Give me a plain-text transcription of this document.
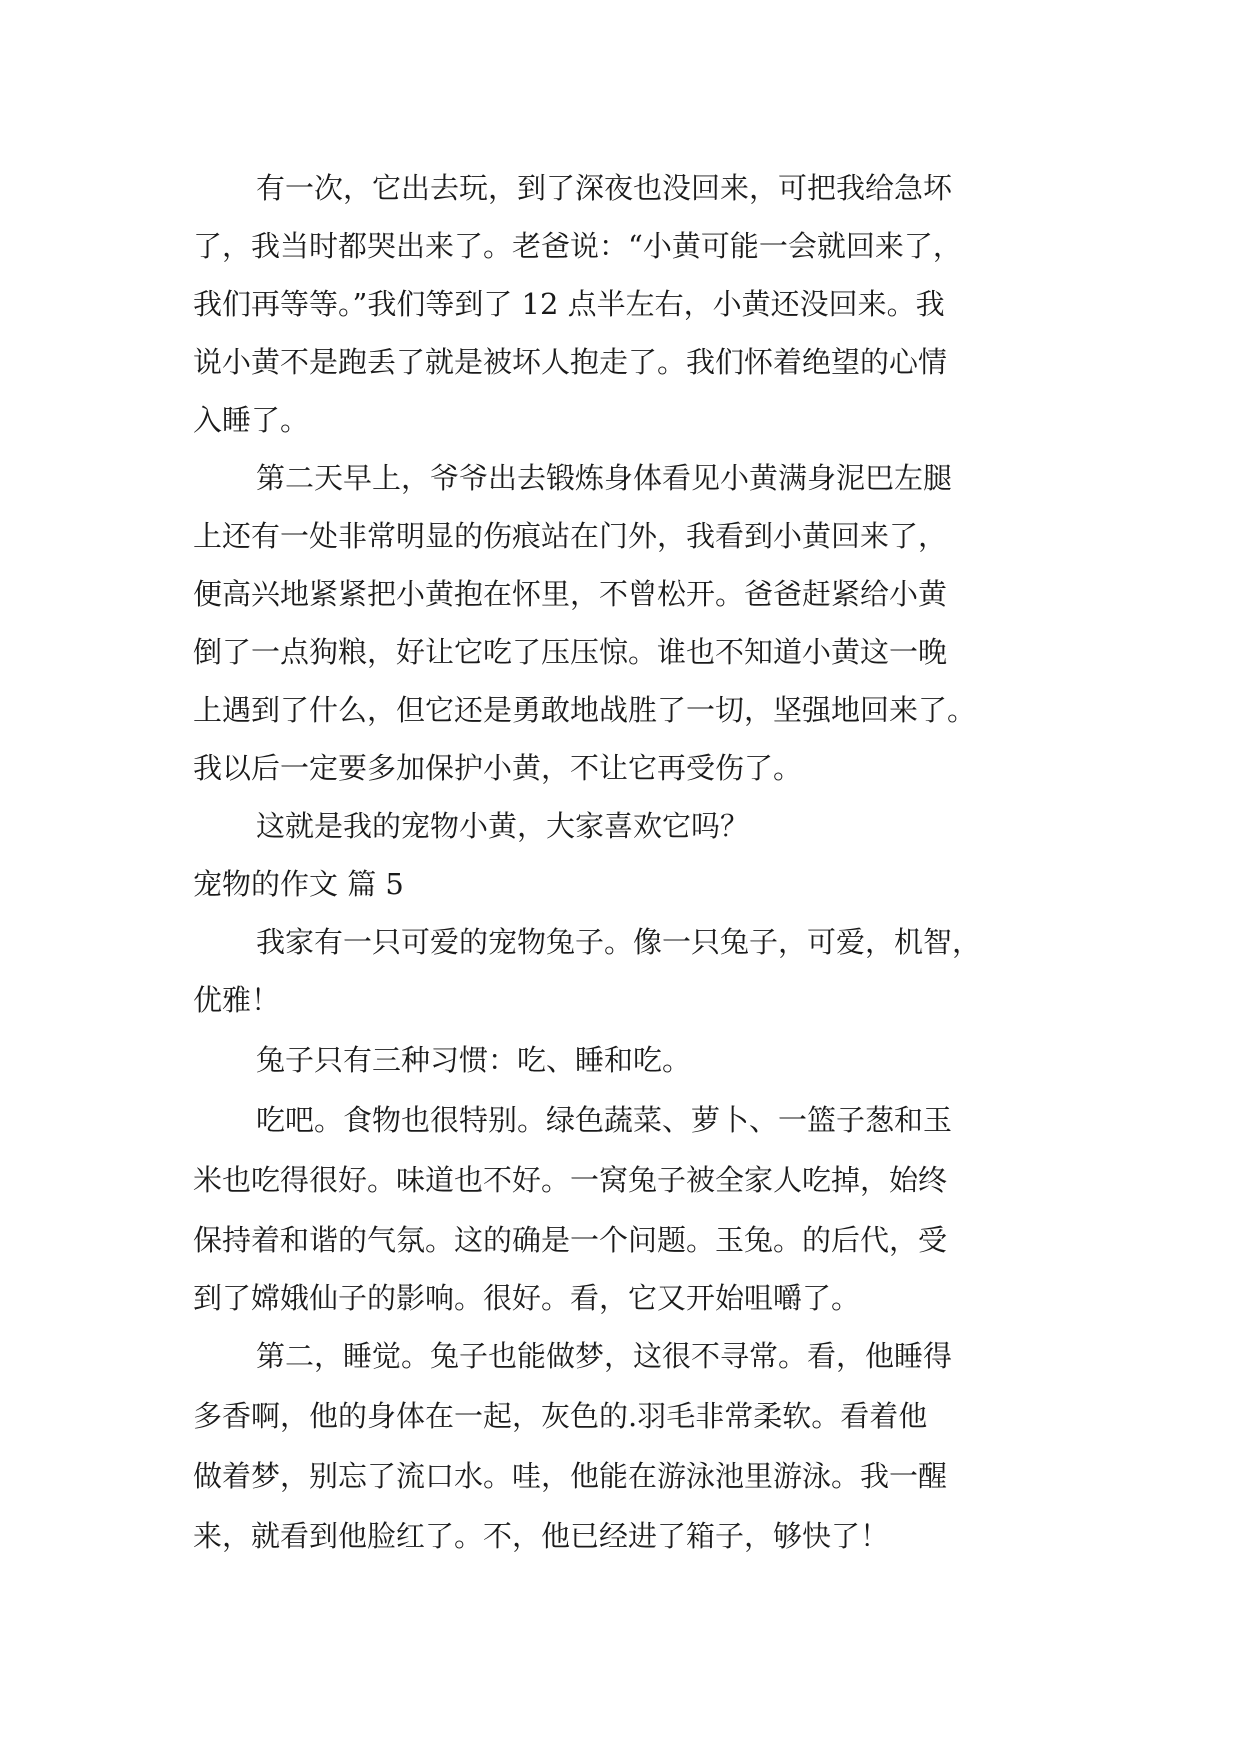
有一次，它出去玩，到了深夜也没回来，可把我给急坏
了，我当时都哭出来了。老爸说：“小黄可能一会就回来了，
我们再等等。”我们等到了 12 点半左右，小黄还没回来。我
说小黄不是跑丢了就是被坏人抱走了。我们怀着绝望的心情
入睡了。
第二天早上，爷爷出去锻炼身体看见小黄满身泥巴左腿
上还有一处非常明显的伤痕站在门外，我看到小黄回来了，
便高兴地紧紧把小黄抱在怀里，不曾松开。爸爸赶紧给小黄
倒了一点狗粮，好让它吃了压压惊。谁也不知道小黄这一晚
上遇到了什么，但它还是勇敢地战胜了一切，坚强地回来了。
我以后一定要多加保护小黄，不让它再受伤了。
这就是我的宠物小黄，大家喜欢它吗？
宠物的作文 篇 5
我家有一只可爱的宠物兔子。像一只兔子，可爱，机智，
优雅！
兔子只有三种习惯：吃、睡和吃。
吃吧。食物也很特别。绿色蔬菜、萝卜、一篮子葱和玉
米也吃得很好。味道也不好。一窝兔子被全家人吃掉，始终
保持着和谐的气氛。这的确是一个问题。玉兔。的后代，受
到了嫦娥仙子的影响。很好。看，它又开始咀嚼了。
第二，睡觉。兔子也能做梦，这很不寻常。看，他睡得
多香啊，他的身体在一起，灰色的.羽毛非常柔软。看着他
做着梦，别忘了流口水。哇，他能在游泳池里游泳。我一醒
来，就看到他脸红了。不，他已经进了箱子，够快了！
